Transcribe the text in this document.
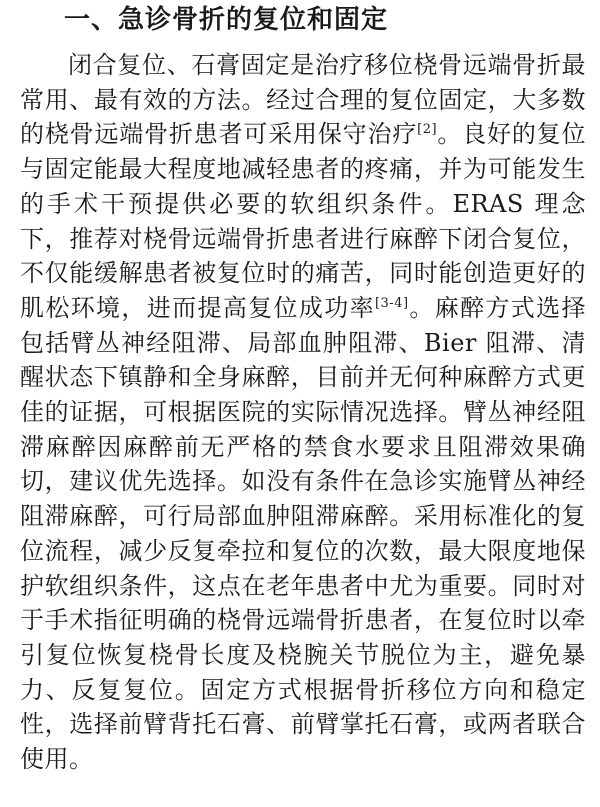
一、急诊骨折的复位和固定

闭合复位、石膏固定是治疗移位桡骨远端骨折最常用、最有效的方法。经过合理的复位固定，大多数的桡骨远端骨折患者可采用保守治疗[2]。良好的复位与固定能最大程度地减轻患者的疼痛，并为可能发生的手术干预提供必要的软组织条件。ERAS 理念下，推荐对桡骨远端骨折患者进行麻醉下闭合复位，不仅能缓解患者被复位时的痛苦，同时能创造更好的肌松环境，进而提高复位成功率[3-4]。麻醉方式选择包括臂丛神经阻滞、局部血肿阻滞、Bier 阻滞、清醒状态下镇静和全身麻醉，目前并无何种麻醉方式更佳的证据，可根据医院的实际情况选择。臂丛神经阻滞麻醉因麻醉前无严格的禁食水要求且阻滞效果确切，建议优先选择。如没有条件在急诊实施臂丛神经阻滞麻醉，可行局部血肿阻滞麻醉。采用标准化的复位流程，减少反复牵拉和复位的次数，最大限度地保护软组织条件，这点在老年患者中尤为重要。同时对于手术指征明确的桡骨远端骨折患者，在复位时以牵引复位恢复桡骨长度及桡腕关节脱位为主，避免暴力、反复复位。固定方式根据骨折移位方向和稳定性，选择前臂背托石膏、前臂掌托石膏，或两者联合使用。
